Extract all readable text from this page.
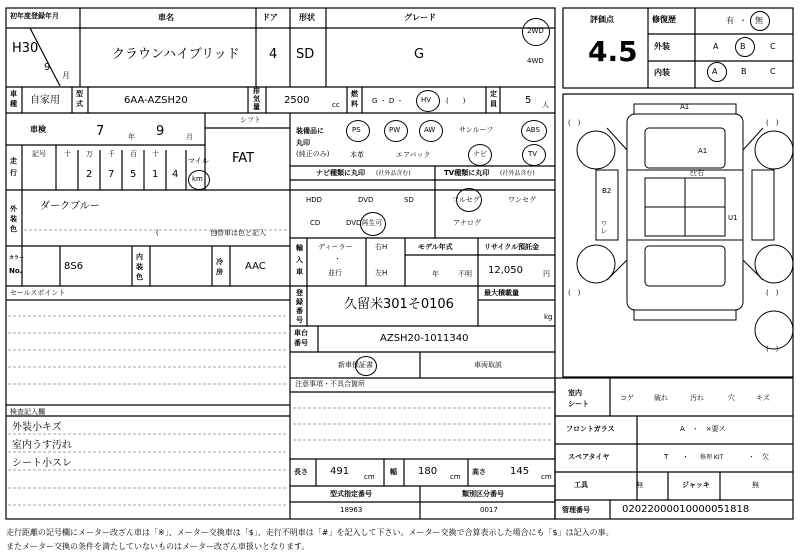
初年度登録年月
H30
9
月
車名
クラウンハイブリッド
ドア
4
形状
SD
グレード
G
2WD
4WD
評価点
4.5
修復歴	有 ・ 無
外装	A	B	C
内装	A	B	C
車
種 自家用
型
式	6AA-AZSH20
排
気
量
2500	cc
燃
料 G ・ D ・	HV (　　)
定
員	5 人
車検	7	年 9	月
シフト
FAT
走
行
記号	十 万 千 百 十
マイル
2 7 5 1 4 km
装備品に
丸印
(純正のみ)
PS	PW	AW	サンルーフ	ABS
本革	エアバック	ナビ	TV
ナビ種類に丸印 (社外品含む)
HDD	DVD	SD
CD	DVD再生可
TV種類に丸印 (社外品含む)
フルセグ	ワンセグ
アナログ
外
装
色
ダークブルー
(　　　　　　　　)
色替車は色と記入
カラー
No.	8S6
内
装
色
冷
房 AAC
輸
入
車
ディーラー
・
並行
右H
左H
モデル年式
年	不明
リサイクル預託金
12,050	円
登
録
番
号
久留米301そ0106
最大積載量
kg
車台
番号	AZSH20-1011340
新車保証書	車両取説
注意事項・不具合箇所
セールスポイント
検査記入欄
外装小キズ
室内うす汚れ
シート小スレ
長さ 491 cm
幅 180 cm
高さ 145 cm
型式指定番号
18963
類別区分番号
0017
室内
シート
コゲ	破れ	汚れ	穴	キズ
フロントガラス	A　・　×要ス
スペアタイヤ	T ・ 修理 KIT	・ 欠
工具	無	ジャッキ	無
管理番号	02022000010000051818
A1
A1
ﾋﾋ右
B2
ワレ
U1
(　)	(　)
(　)	(　)
(　)
走行距離の記号欄にメーター改ざん車は「※」、メーター交換車は「$」、走行不明車は「#」を記入して下さい。メーター交換で合算表示した場合にも「$」は記入の事。
またメーター交換の条件を満たしていないものはメーター改ざん車扱いとなります。
